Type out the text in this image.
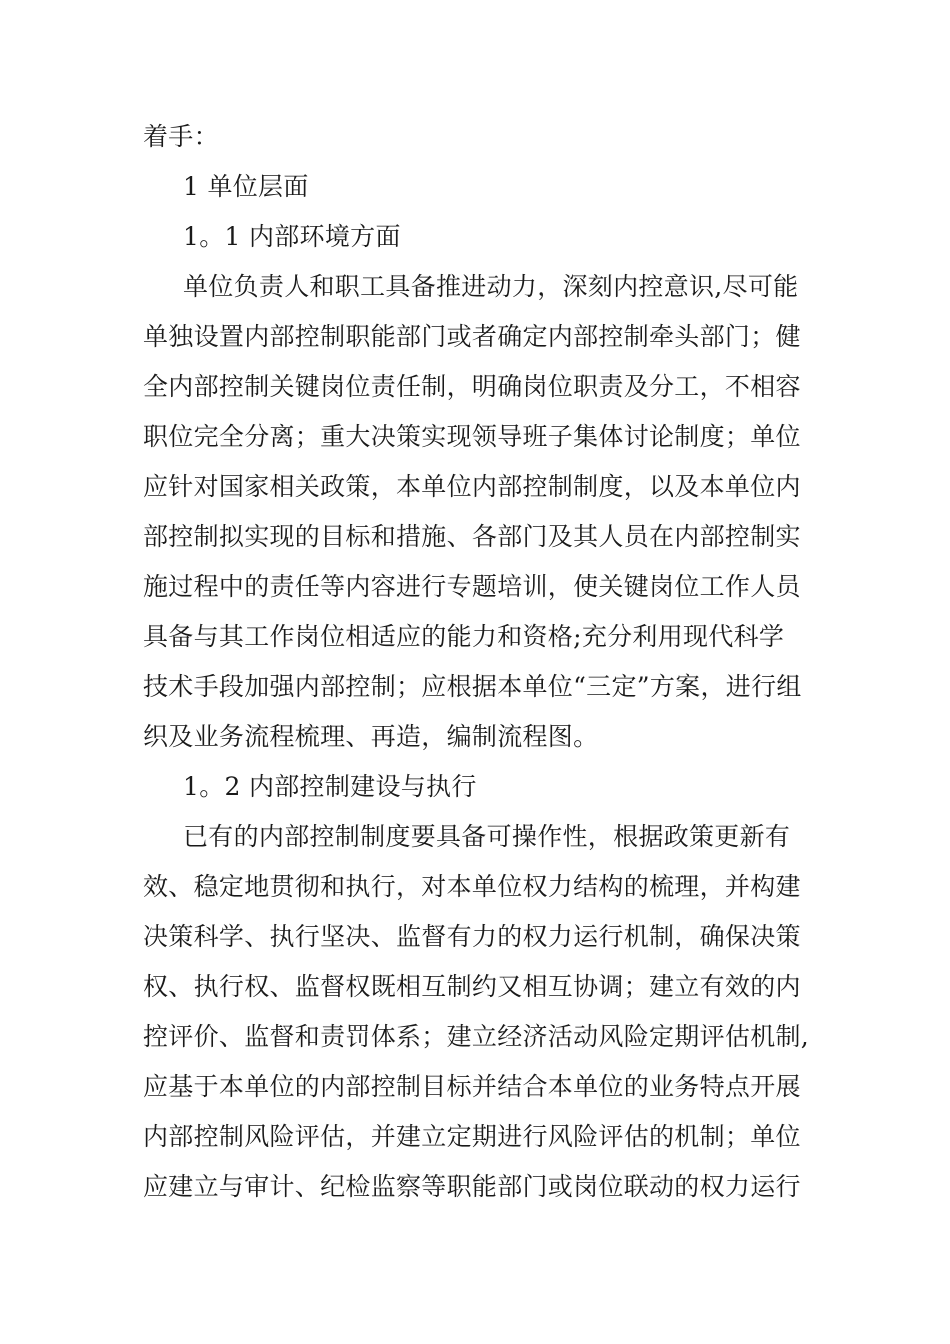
着手：
1 单位层面
1。1 内部环境方面
单位负责人和职工具备推进动力，深刻内控意识,尽可能
单独设置内部控制职能部门或者确定内部控制牵头部门；健
全内部控制关键岗位责任制，明确岗位职责及分工，不相容
职位完全分离；重大决策实现领导班子集体讨论制度；单位
应针对国家相关政策，本单位内部控制制度，以及本单位内
部控制拟实现的目标和措施、各部门及其人员在内部控制实
施过程中的责任等内容进行专题培训，使关键岗位工作人员
具备与其工作岗位相适应的能力和资格;充分利用现代科学
技术手段加强内部控制；应根据本单位“三定”方案，进行组
织及业务流程梳理、再造，编制流程图。
1。2 内部控制建设与执行
已有的内部控制制度要具备可操作性，根据政策更新有
效、稳定地贯彻和执行，对本单位权力结构的梳理，并构建
决策科学、执行坚决、监督有力的权力运行机制，确保决策
权、执行权、监督权既相互制约又相互协调；建立有效的内
控评价、监督和责罚体系；建立经济活动风险定期评估机制,
应基于本单位的内部控制目标并结合本单位的业务特点开展
内部控制风险评估，并建立定期进行风险评估的机制；单位
应建立与审计、纪检监察等职能部门或岗位联动的权力运行
